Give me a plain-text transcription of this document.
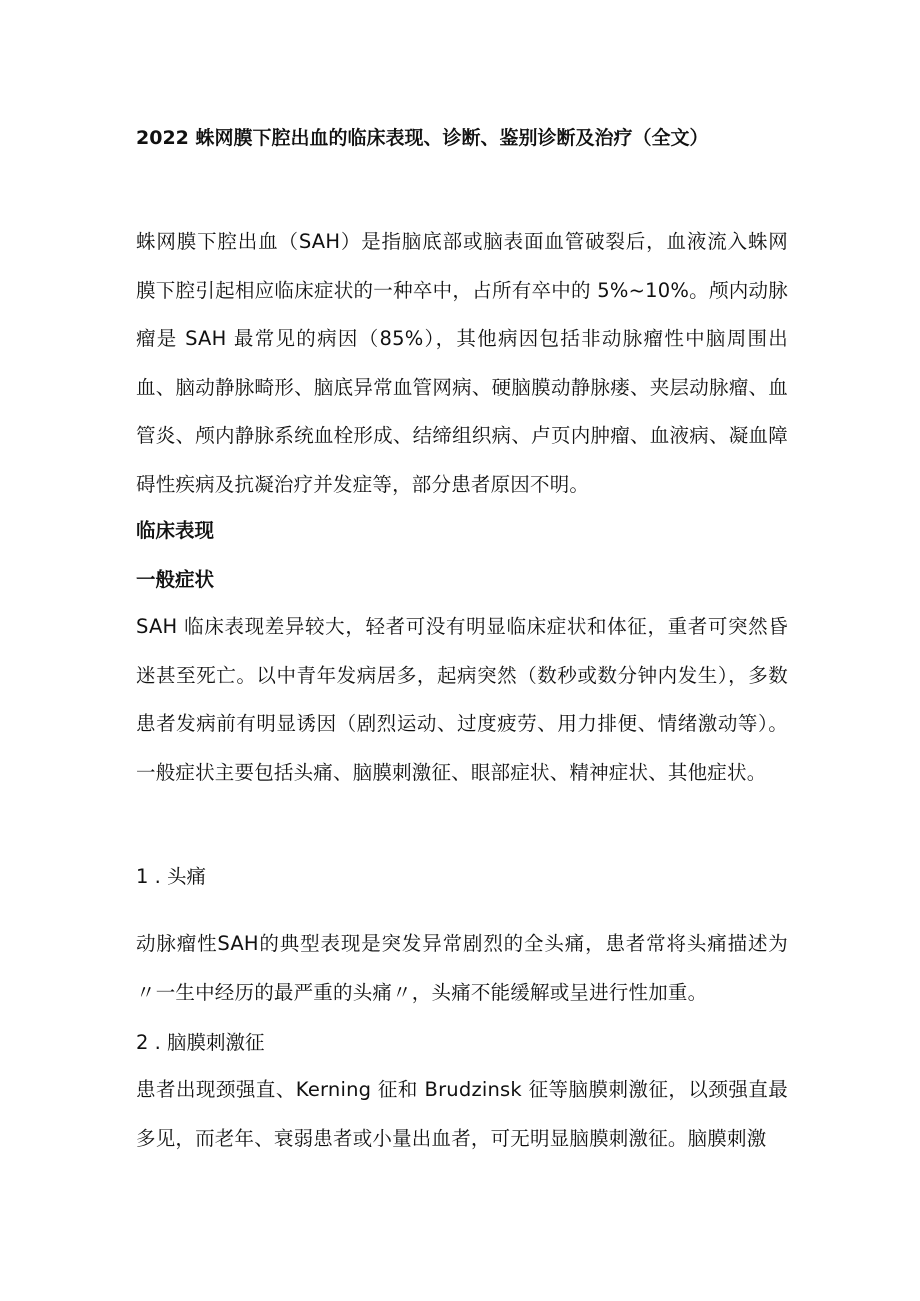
2022 蛛网膜下腔出血的临床表现、诊断、鉴别诊断及治疗（全文）
蛛网膜下腔出血（SAH）是指脑底部或脑表面血管破裂后，血液流入蛛网膜下腔引起相应临床症状的一种卒中，占所有卒中的 5%~10%。颅内动脉瘤是 SAH 最常见的病因（85%），其他病因包括非动脉瘤性中脑周围出血、脑动静脉畸形、脑底异常血管网病、硬脑膜动静脉瘘、夹层动脉瘤、血管炎、颅内静脉系统血栓形成、结缔组织病、卢页内肿瘤、血液病、凝血障碍性疾病及抗凝治疗并发症等，部分患者原因不明。
临床表现
一般症状
SAH 临床表现差异较大，轻者可没有明显临床症状和体征，重者可突然昏迷甚至死亡。以中青年发病居多，起病突然（数秒或数分钟内发生），多数患者发病前有明显诱因（剧烈运动、过度疲劳、用力排便、情绪激动等）。一般症状主要包括头痛、脑膜刺激征、眼部症状、精神症状、其他症状。
1 . 头痛
动脉瘤性SAH的典型表现是突发异常剧烈的全头痛，患者常将头痛描述为〃一生中经历的最严重的头痛〃，头痛不能缓解或呈进行性加重。
2 . 脑膜刺激征
患者出现颈强直、Kerning 征和 Brudzinsk 征等脑膜刺激征，以颈强直最多见，而老年、衰弱患者或小量出血者，可无明显脑膜刺激征。脑膜刺激
